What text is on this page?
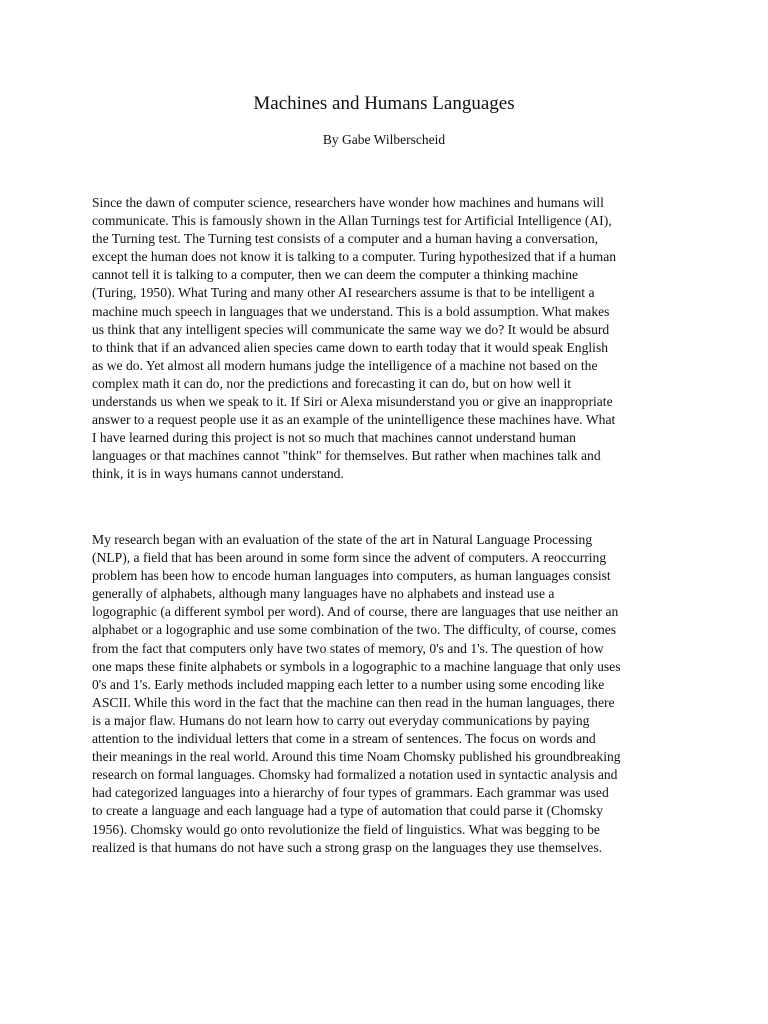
Machines and Humans Languages

By Gabe Wilberscheid

Since the dawn of computer science, researchers have wonder how machines and humans will
communicate. This is famously shown in the Allan Turnings test for Artificial Intelligence (AI),
the Turning test. The Turning test consists of a computer and a human having a conversation,
except the human does not know it is talking to a computer. Turing hypothesized that if a human
cannot tell it is talking to a computer, then we can deem the computer a thinking machine
(Turing, 1950). What Turing and many other AI researchers assume is that to be intelligent a
machine much speech in languages that we understand. This is a bold assumption. What makes
us think that any intelligent species will communicate the same way we do? It would be absurd
to think that if an advanced alien species came down to earth today that it would speak English
as we do. Yet almost all modern humans judge the intelligence of a machine not based on the
complex math it can do, nor the predictions and forecasting it can do, but on how well it
understands us when we speak to it. If Siri or Alexa misunderstand you or give an inappropriate
answer to a request people use it as an example of the unintelligence these machines have. What
I have learned during this project is not so much that machines cannot understand human
languages or that machines cannot "think" for themselves. But rather when machines talk and
think, it is in ways humans cannot understand.
My research began with an evaluation of the state of the art in Natural Language Processing
(NLP), a field that has been around in some form since the advent of computers. A reoccurring
problem has been how to encode human languages into computers, as human languages consist
generally of alphabets, although many languages have no alphabets and instead use a
logographic (a different symbol per word). And of course, there are languages that use neither an
alphabet or a logographic and use some combination of the two. The difficulty, of course, comes
from the fact that computers only have two states of memory, 0's and 1's. The question of how
one maps these finite alphabets or symbols in a logographic to a machine language that only uses
0's and 1's. Early methods included mapping each letter to a number using some encoding like
ASCII. While this word in the fact that the machine can then read in the human languages, there
is a major flaw. Humans do not learn how to carry out everyday communications by paying
attention to the individual letters that come in a stream of sentences. The focus on words and
their meanings in the real world. Around this time Noam Chomsky published his groundbreaking
research on formal languages. Chomsky had formalized a notation used in syntactic analysis and
had categorized languages into a hierarchy of four types of grammars. Each grammar was used
to create a language and each language had a type of automation that could parse it (Chomsky
1956). Chomsky would go onto revolutionize the field of linguistics. What was begging to be
realized is that humans do not have such a strong grasp on the languages they use themselves.
